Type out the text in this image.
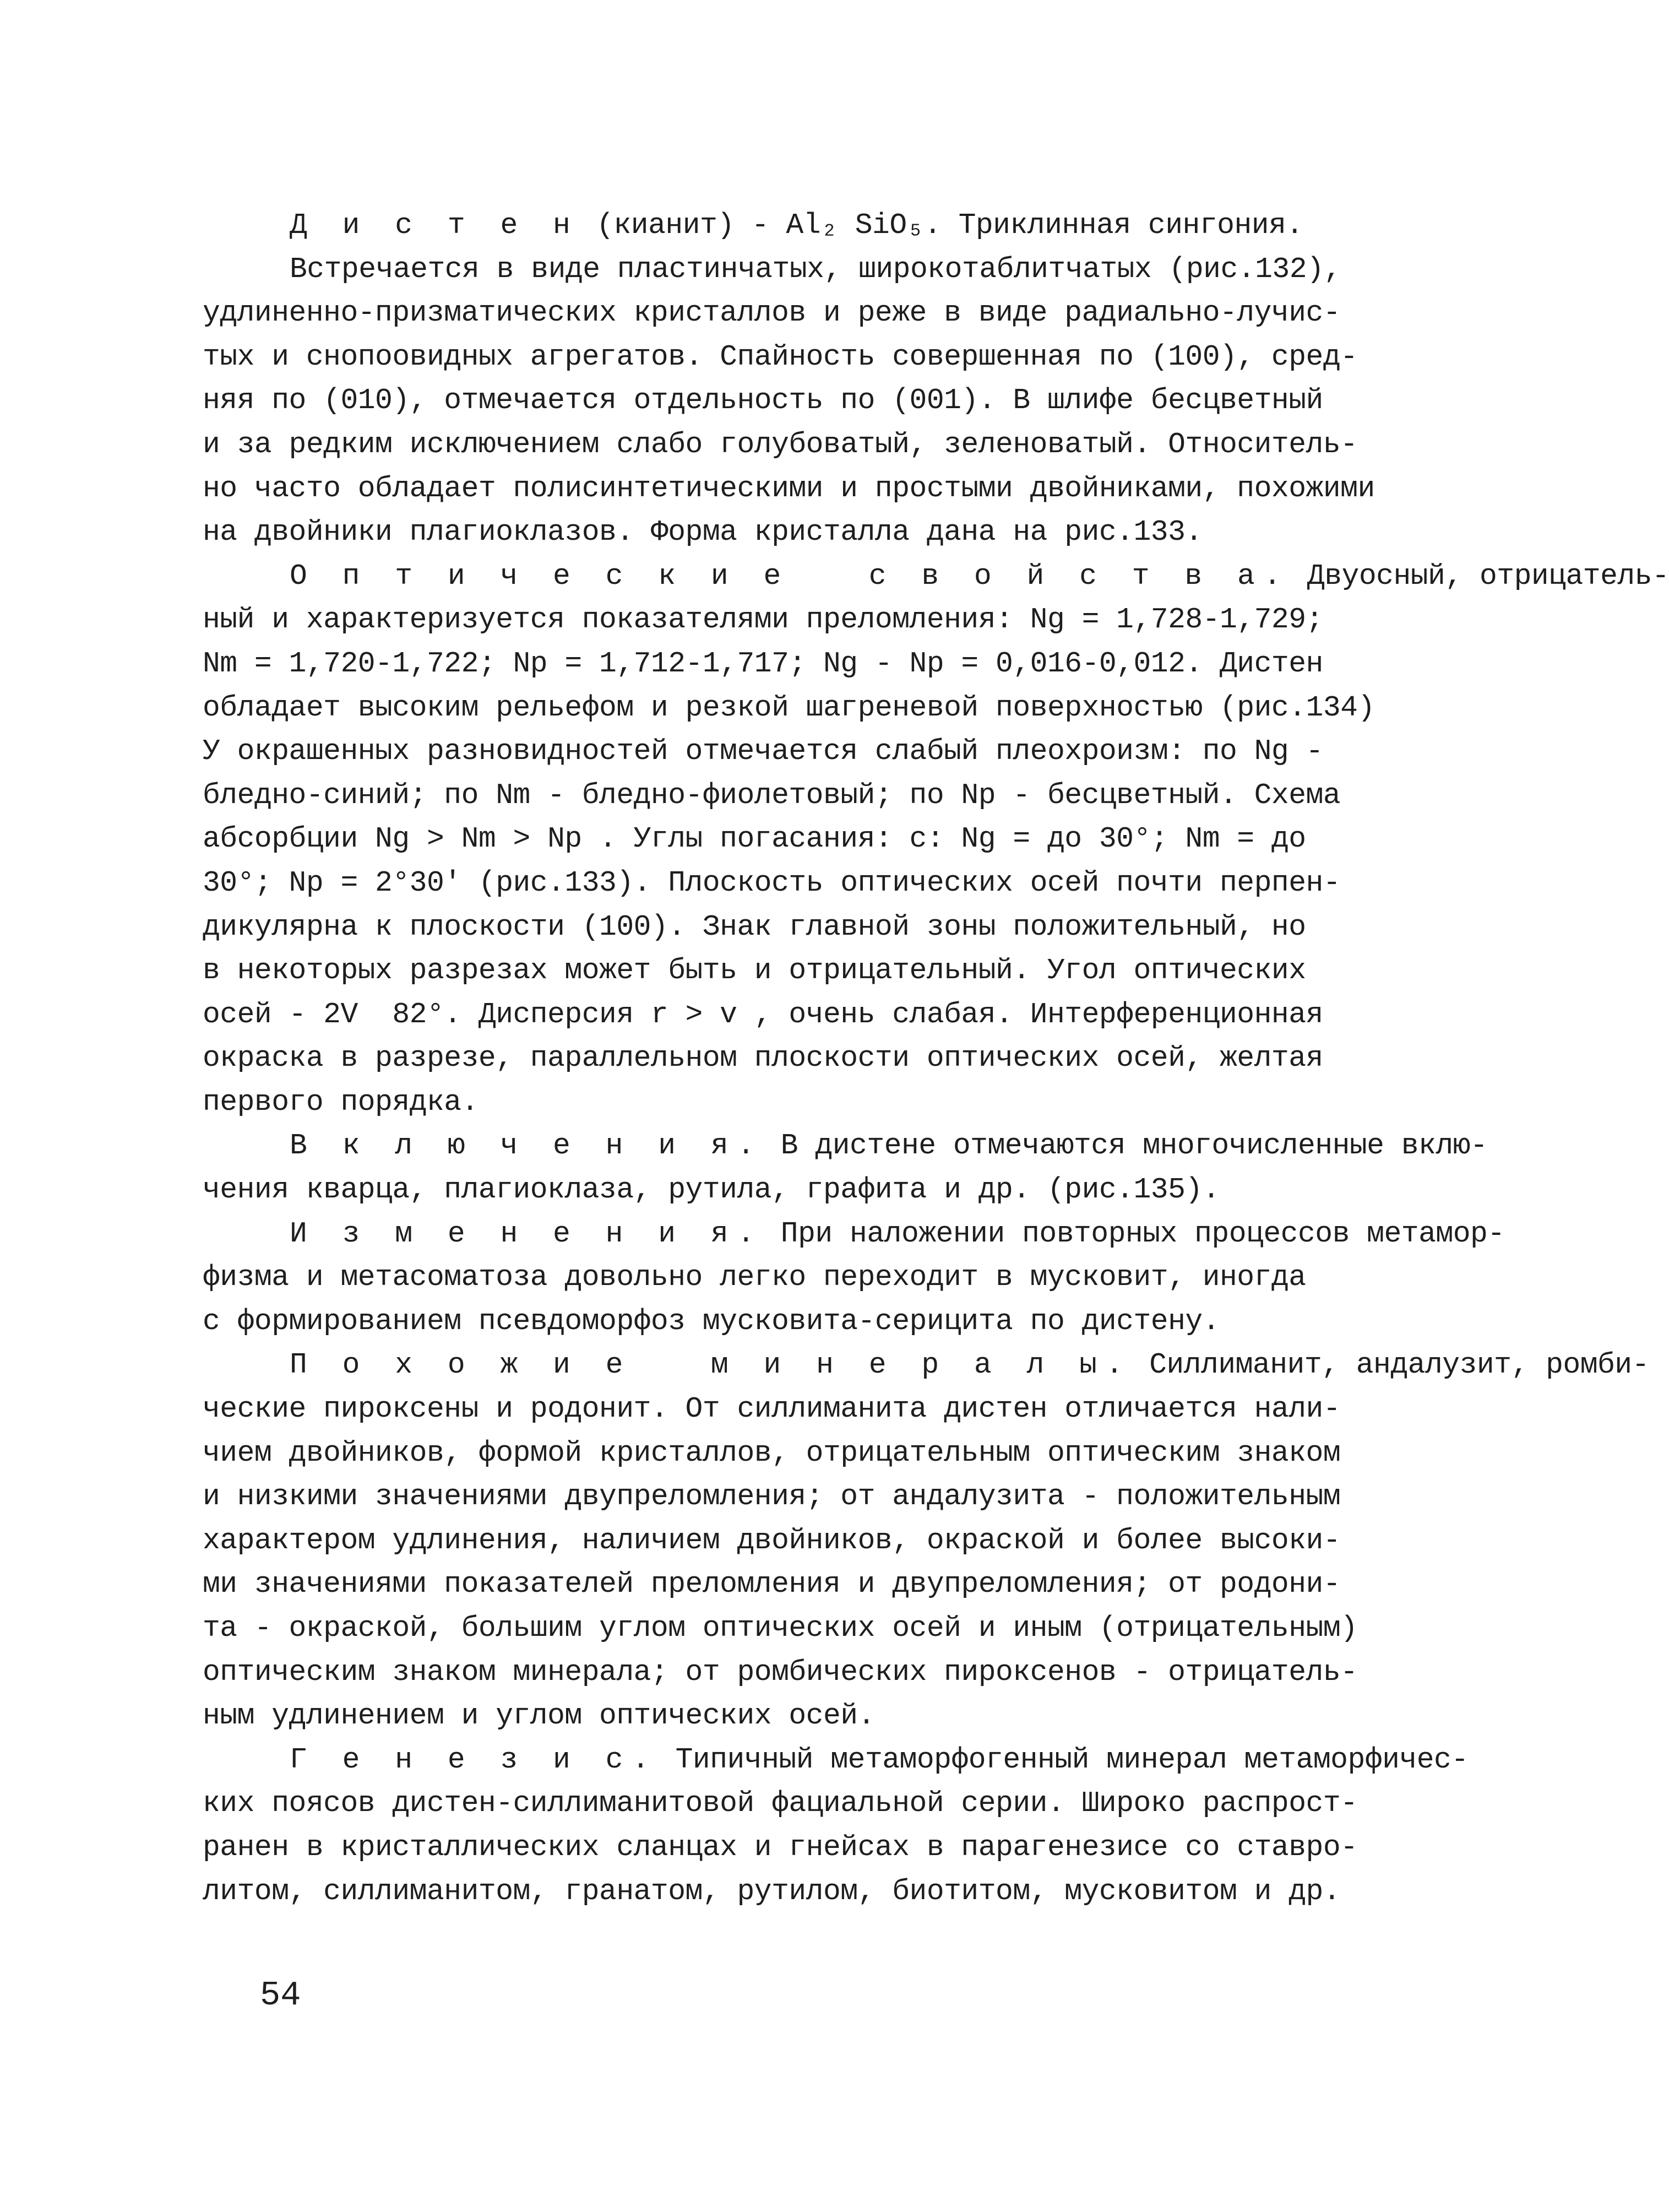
Д и с т е н (кианит) - Al₂ SiO₅. Триклинная сингония.
Встречается в виде пластинчатых, широкотаблитчатых (рис.132),
удлиненно-призматических кристаллов и реже в виде радиально-лучис-
тых и снопоовидных агрегатов. Спайность совершенная по (100), сред-
няя по (010), отмечается отдельность по (001). В шлифе бесцветный
и за редким исключением слабо голубоватый, зеленоватый. Относитель-
но часто обладает полисинтетическими и простыми двойниками, похожими
на двойники плагиоклазов. Форма кристалла дана на рис.133.
О п т и ч е с к и е   с в о й с т в а. Двуосный, отрицатель-
ный и характеризуется показателями преломления: Ng = 1,728-1,729;
Nm = 1,720-1,722; Np = 1,712-1,717; Ng - Np = 0,016-0,012. Дистен
обладает высоким рельефом и резкой шагреневой поверхностью (рис.134)
У окрашенных разновидностей отмечается слабый плеохроизм: по Ng -
бледно-синий; по Nm - бледно-фиолетовый; по Np - бесцветный. Схема
абсорбции Ng > Nm > Np . Углы погасания: c: Ng = до 30°; Nm = до
30°; Np = 2°30' (рис.133). Плоскость оптических осей почти перпен-
дикулярна к плоскости (100). Знак главной зоны положительный, но
в некоторых разрезах может быть и отрицательный. Угол оптических
осей - 2V  82°. Дисперсия r > v , очень слабая. Интерференционная
окраска в разрезе, параллельном плоскости оптических осей, желтая
первого порядка.
В к л ю ч е н и я. В дистене отмечаются многочисленные вклю-
чения кварца, плагиоклаза, рутила, графита и др. (рис.135).
И з м е н е н и я. При наложении повторных процессов метамор-
физма и метасоматоза довольно легко переходит в мусковит, иногда
с формированием псевдоморфоз мусковита-серицита по дистену.
П о х о ж и е   м и н е р а л ы. Силлиманит, андалузит, ромби-
ческие пироксены и родонит. От силлиманита дистен отличается нали-
чием двойников, формой кристаллов, отрицательным оптическим знаком
и низкими значениями двупреломления; от андалузита - положительным
характером удлинения, наличием двойников, окраской и более высоки-
ми значениями показателей преломления и двупреломления; от родони-
та - окраской, большим углом оптических осей и иным (отрицательным)
оптическим знаком минерала; от ромбических пироксенов - отрицатель-
ным удлинением и углом оптических осей.
Г е н е з и с. Типичный метаморфогенный минерал метаморфичес-
ких поясов дистен-силлиманитовой фациальной серии. Широко распрост-
ранен в кристаллических сланцах и гнейсах в парагенезисе со ставро-
литом, силлиманитом, гранатом, рутилом, биотитом, мусковитом и др.
54
